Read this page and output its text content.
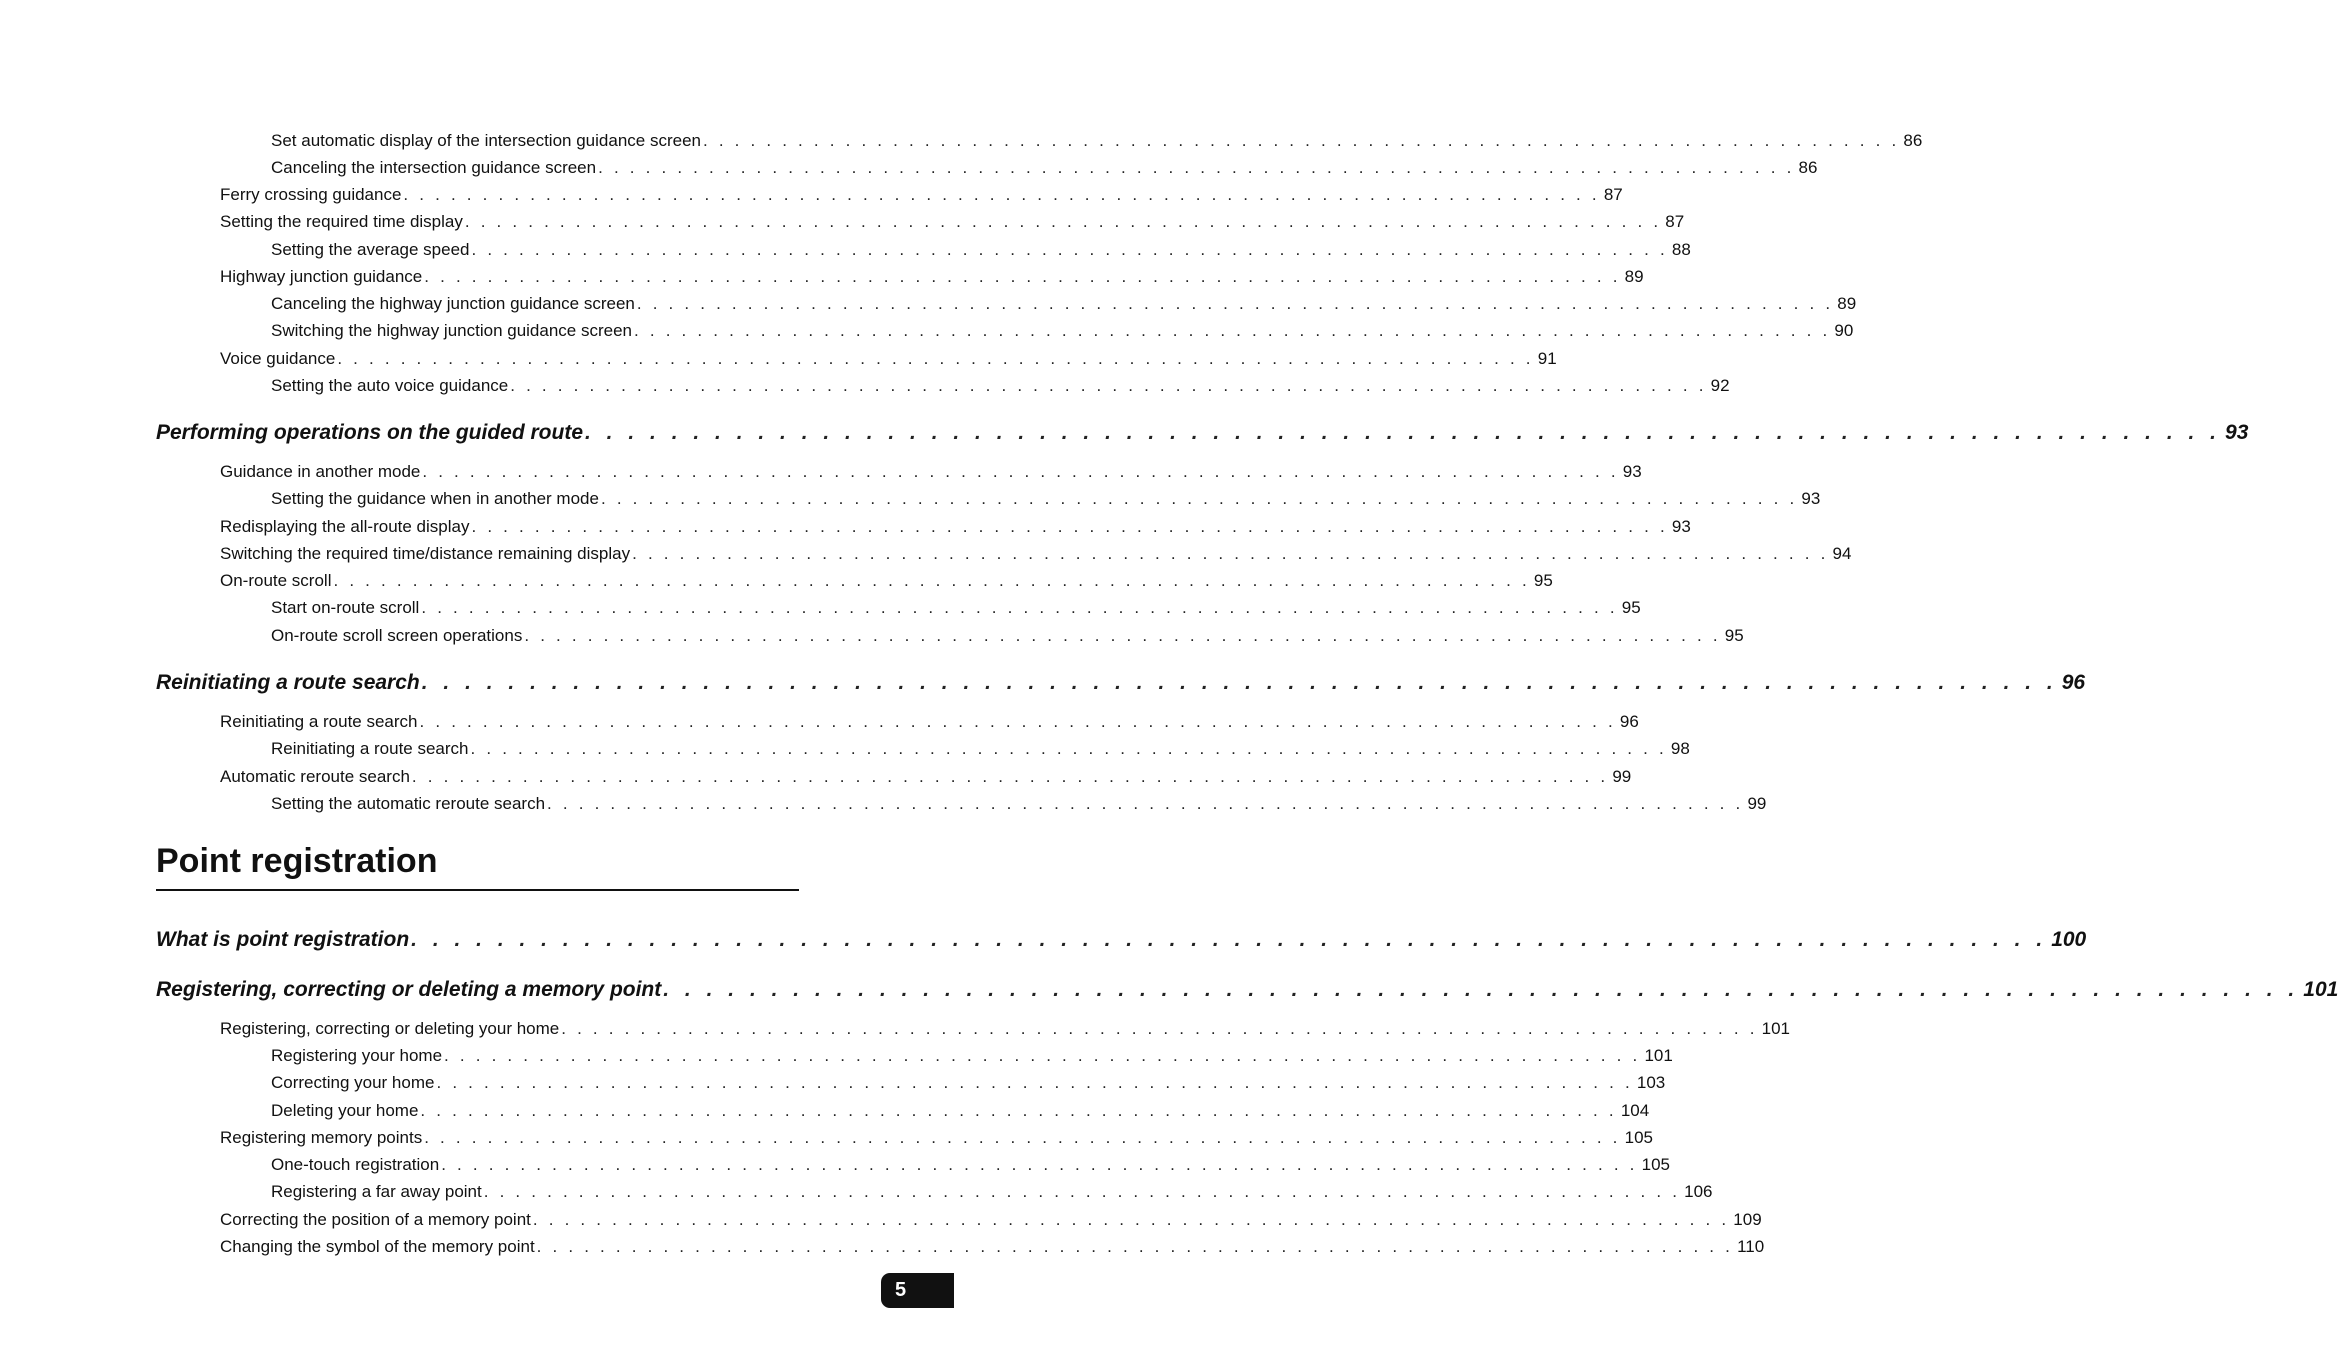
Set automatic display of the intersection guidance screen . . . . . . . . . . . . . . . . . . . . . . . . . . . . . . . . . . . . . . . . . . . . . . . . . . . . . . . . . . . . . . . . . . . . . . . . . . . . 86
Canceling the intersection guidance screen . . . . . . . . . . . . . . . . . . . . . . . . . . . . . . . . . . . . . . . . . . . . . . . . . . . . . . . . . . . . . . . . . . . . . . . . . . . . 86
Ferry crossing guidance . . . . . . . . . . . . . . . . . . . . . . . . . . . . . . . . . . . . . . . . . . . . . . . . . . . . . . . . . . . . . . . . . . . . . . . . . . . . 87
Setting the required time display . . . . . . . . . . . . . . . . . . . . . . . . . . . . . . . . . . . . . . . . . . . . . . . . . . . . . . . . . . . . . . . . . . . . . . . . . . . . 87
Setting the average speed . . . . . . . . . . . . . . . . . . . . . . . . . . . . . . . . . . . . . . . . . . . . . . . . . . . . . . . . . . . . . . . . . . . . . . . . . . . . 88
Highway junction guidance . . . . . . . . . . . . . . . . . . . . . . . . . . . . . . . . . . . . . . . . . . . . . . . . . . . . . . . . . . . . . . . . . . . . . . . . . . . . 89
Canceling the highway junction guidance screen . . . . . . . . . . . . . . . . . . . . . . . . . . . . . . . . . . . . . . . . . . . . . . . . . . . . . . . . . . . . . . . . . . . . . . . . . . . . 89
Switching the highway junction guidance screen . . . . . . . . . . . . . . . . . . . . . . . . . . . . . . . . . . . . . . . . . . . . . . . . . . . . . . . . . . . . . . . . . . . . . . . . . . . . 90
Voice guidance . . . . . . . . . . . . . . . . . . . . . . . . . . . . . . . . . . . . . . . . . . . . . . . . . . . . . . . . . . . . . . . . . . . . . . . . . . . . 91
Setting the auto voice guidance . . . . . . . . . . . . . . . . . . . . . . . . . . . . . . . . . . . . . . . . . . . . . . . . . . . . . . . . . . . . . . . . . . . . . . . . . . . . 92
Performing operations on the guided route . . . . . . . . . . . . . . . . . . . . . . . . . . . . . . . . . . . . . . . . . . . . . . . . . . . . . . . . . . . . . . . . . . . . . . . . . . . . 93
Guidance in another mode . . . . . . . . . . . . . . . . . . . . . . . . . . . . . . . . . . . . . . . . . . . . . . . . . . . . . . . . . . . . . . . . . . . . . . . . . . . . 93
Setting the guidance when in another mode . . . . . . . . . . . . . . . . . . . . . . . . . . . . . . . . . . . . . . . . . . . . . . . . . . . . . . . . . . . . . . . . . . . . . . . . . . . . 93
Redisplaying the all-route display . . . . . . . . . . . . . . . . . . . . . . . . . . . . . . . . . . . . . . . . . . . . . . . . . . . . . . . . . . . . . . . . . . . . . . . . . . . . 93
Switching the required time/distance remaining display . . . . . . . . . . . . . . . . . . . . . . . . . . . . . . . . . . . . . . . . . . . . . . . . . . . . . . . . . . . . . . . . . . . . . . . . . . . . 94
On-route scroll . . . . . . . . . . . . . . . . . . . . . . . . . . . . . . . . . . . . . . . . . . . . . . . . . . . . . . . . . . . . . . . . . . . . . . . . . . . . 95
Start on-route scroll . . . . . . . . . . . . . . . . . . . . . . . . . . . . . . . . . . . . . . . . . . . . . . . . . . . . . . . . . . . . . . . . . . . . . . . . . . . . 95
On-route scroll screen operations . . . . . . . . . . . . . . . . . . . . . . . . . . . . . . . . . . . . . . . . . . . . . . . . . . . . . . . . . . . . . . . . . . . . . . . . . . . . 95
Reinitiating a route search . . . . . . . . . . . . . . . . . . . . . . . . . . . . . . . . . . . . . . . . . . . . . . . . . . . . . . . . . . . . . . . . . . . . . . . . . . . . 96
Reinitiating a route search . . . . . . . . . . . . . . . . . . . . . . . . . . . . . . . . . . . . . . . . . . . . . . . . . . . . . . . . . . . . . . . . . . . . . . . . . . . . 96
Reinitiating a route search . . . . . . . . . . . . . . . . . . . . . . . . . . . . . . . . . . . . . . . . . . . . . . . . . . . . . . . . . . . . . . . . . . . . . . . . . . . . 98
Automatic reroute search . . . . . . . . . . . . . . . . . . . . . . . . . . . . . . . . . . . . . . . . . . . . . . . . . . . . . . . . . . . . . . . . . . . . . . . . . . . . 99
Setting the automatic reroute search . . . . . . . . . . . . . . . . . . . . . . . . . . . . . . . . . . . . . . . . . . . . . . . . . . . . . . . . . . . . . . . . . . . . . . . . . . . . 99
Point registration
What is point registration . . . . . . . . . . . . . . . . . . . . . . . . . . . . . . . . . . . . . . . . . . . . . . . . . . . . . . . . . . . . . . . . . . . . . . . . . . . . 100
Registering, correcting or deleting a memory point . . . . . . . . . . . . . . . . . . . . . . . . . . . . . . . . . . . . . . . . . . . . . . . . . . . . . . . . . . . . . . . . . . . . . . . . . . . . 101
Registering, correcting or deleting your home . . . . . . . . . . . . . . . . . . . . . . . . . . . . . . . . . . . . . . . . . . . . . . . . . . . . . . . . . . . . . . . . . . . . . . . . . . . . 101
Registering your home . . . . . . . . . . . . . . . . . . . . . . . . . . . . . . . . . . . . . . . . . . . . . . . . . . . . . . . . . . . . . . . . . . . . . . . . . . . . 101
Correcting your home . . . . . . . . . . . . . . . . . . . . . . . . . . . . . . . . . . . . . . . . . . . . . . . . . . . . . . . . . . . . . . . . . . . . . . . . . . . . 103
Deleting your home . . . . . . . . . . . . . . . . . . . . . . . . . . . . . . . . . . . . . . . . . . . . . . . . . . . . . . . . . . . . . . . . . . . . . . . . . . . . 104
Registering memory points . . . . . . . . . . . . . . . . . . . . . . . . . . . . . . . . . . . . . . . . . . . . . . . . . . . . . . . . . . . . . . . . . . . . . . . . . . . . 105
One-touch registration . . . . . . . . . . . . . . . . . . . . . . . . . . . . . . . . . . . . . . . . . . . . . . . . . . . . . . . . . . . . . . . . . . . . . . . . . . . . 105
Registering a far away point . . . . . . . . . . . . . . . . . . . . . . . . . . . . . . . . . . . . . . . . . . . . . . . . . . . . . . . . . . . . . . . . . . . . . . . . . . . . 106
Correcting the position of a memory point . . . . . . . . . . . . . . . . . . . . . . . . . . . . . . . . . . . . . . . . . . . . . . . . . . . . . . . . . . . . . . . . . . . . . . . . . . . . 109
Changing the symbol of the memory point . . . . . . . . . . . . . . . . . . . . . . . . . . . . . . . . . . . . . . . . . . . . . . . . . . . . . . . . . . . . . . . . . . . . . . . . . . . . 110
5
